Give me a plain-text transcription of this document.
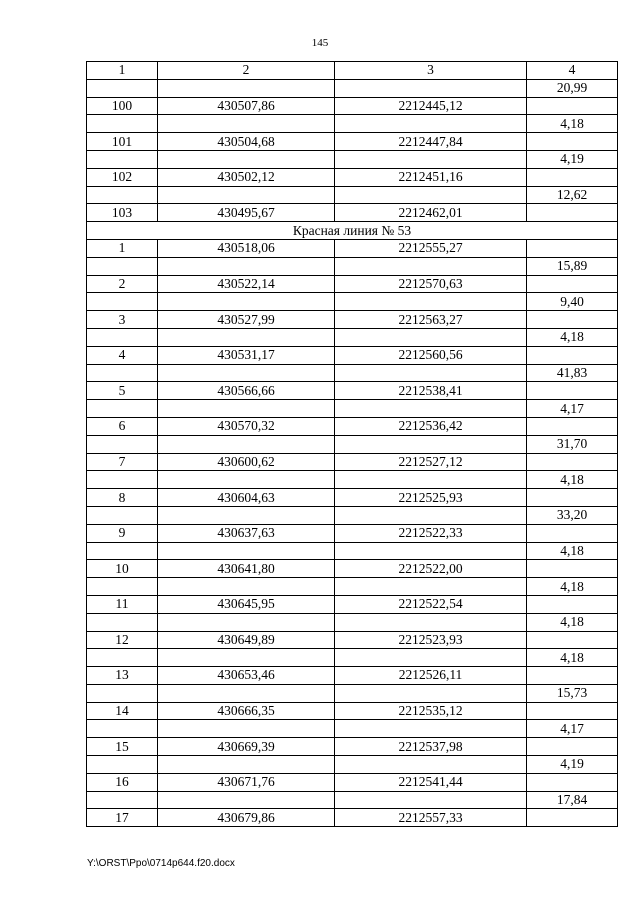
145
1	2	3	4
			20,99
100	430507,86	2212445,12	
			4,18
101	430504,68	2212447,84	
			4,19
102	430502,12	2212451,16	
			12,62
103	430495,67	2212462,01	
Красная линия № 53			
1	430518,06	2212555,27	
			15,89
2	430522,14	2212570,63	
			9,40
3	430527,99	2212563,27	
			4,18
4	430531,17	2212560,56	
			41,83
5	430566,66	2212538,41	
			4,17
6	430570,32	2212536,42	
			31,70
7	430600,62	2212527,12	
			4,18
8	430604,63	2212525,93	
			33,20
9	430637,63	2212522,33	
			4,18
10	430641,80	2212522,00	
			4,18
11	430645,95	2212522,54	
			4,18
12	430649,89	2212523,93	
			4,18
13	430653,46	2212526,11	
			15,73
14	430666,35	2212535,12	
			4,17
15	430669,39	2212537,98	
			4,19
16	430671,76	2212541,44	
			17,84
17	430679,86	2212557,33	
Y:\ORST\Ppo\0714p644.f20.docx
